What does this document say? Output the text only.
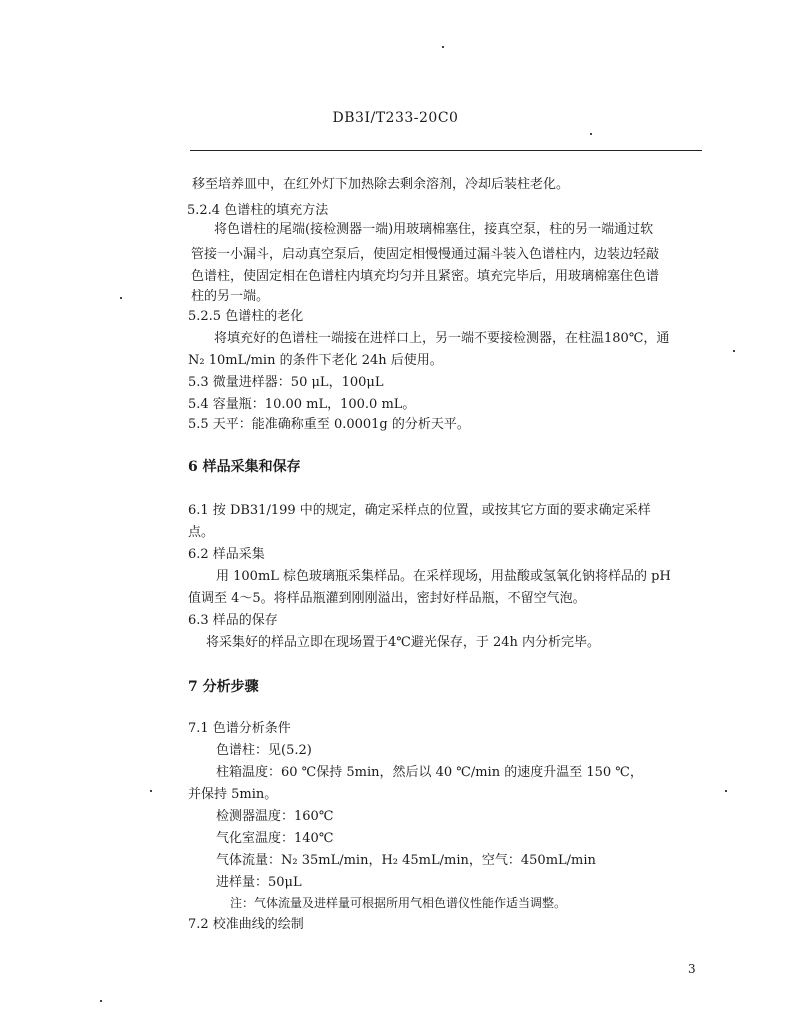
DB3I/T233-20C0
移至培养皿中，在红外灯下加热除去剩余溶剂，冷却后装柱老化。
5.2.4 色谱柱的填充方法
将色谱柱的尾端(接检测器一端)用玻璃棉塞住，接真空泵，柱的另一端通过软
管接一小漏斗，启动真空泵后，使固定相慢慢通过漏斗装入色谱柱内，边装边轻敲
色谱柱，使固定相在色谱柱内填充均匀并且紧密。填充完毕后，用玻璃棉塞住色谱
柱的另一端。
5.2.5 色谱柱的老化
将填充好的色谱柱一端接在进样口上，另一端不要接检测器，在柱温180℃，通
N₂ 10mL/min 的条件下老化 24h 后使用。
5.3 微量进样器：50 μL，100μL
5.4 容量瓶：10.00 mL，100.0 mL。
5.5 天平：能准确称重至 0.0001g 的分析天平。
6 样品采集和保存
6.1 按 DB31/199 中的规定，确定采样点的位置，或按其它方面的要求确定采样
点。
6.2 样品采集
用 100mL 棕色玻璃瓶采集样品。在采样现场，用盐酸或氢氧化钠将样品的 pH
值调至 4～5。将样品瓶灌到刚刚溢出，密封好样品瓶，不留空气泡。
6.3 样品的保存
将采集好的样品立即在现场置于4℃避光保存，于 24h 内分析完毕。
7 分析步骤
7.1 色谱分析条件
色谱柱：见(5.2)
柱箱温度：60 ℃保持 5min，然后以 40 ℃/min 的速度升温至 150 ℃，
并保持 5min。
检测器温度：160℃
气化室温度：140℃
气体流量：N₂ 35mL/min，H₂ 45mL/min，空气：450mL/min
进样量：50μL
注：气体流量及进样量可根据所用气相色谱仪性能作适当调整。
7.2 校准曲线的绘制
3
